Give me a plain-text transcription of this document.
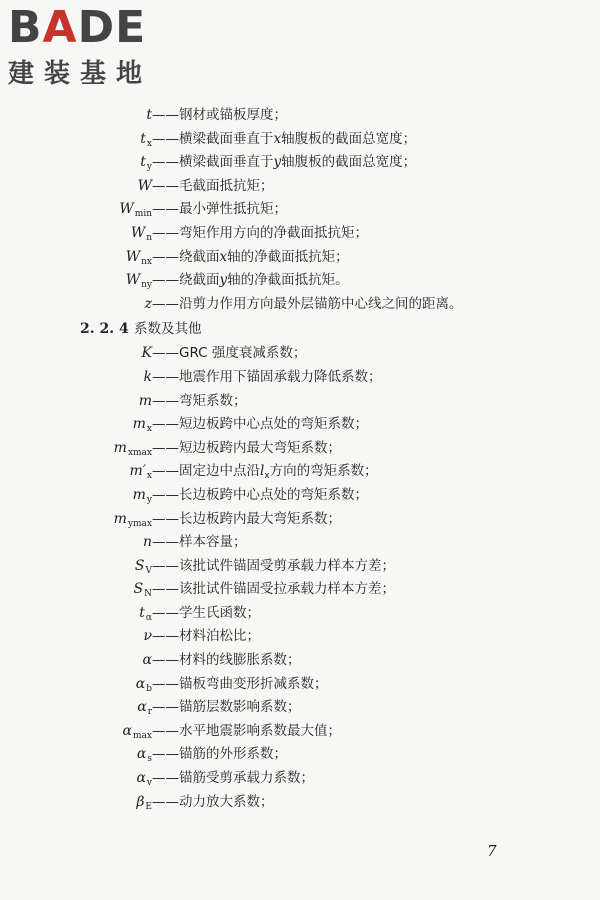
BADE
建装基地
t ——钢材或锚板厚度；
$t_x$ ——横梁截面垂直于x轴腹板的截面总宽度；
$t_y$ ——横梁截面垂直于y轴腹板的截面总宽度；
W ——毛截面抵抗矩；
$W_{min}$ ——最小弹性抵抗矩；
$W_n$ ——弯矩作用方向的净截面抵抗矩；
$W_{nx}$ ——绕截面x轴的净截面抵抗矩；
$W_{ny}$ ——绕截面y轴的净截面抵抗矩。
z ——沿剪力作用方向最外层锚筋中心线之间的距离。
2. 2. 4 系数及其他
K ——GRC 强度衰减系数；
k ——地震作用下锚固承载力降低系数；
m ——弯矩系数；
$m_x$ ——短边板跨中心点处的弯矩系数；
$m_{xmax}$ ——短边板跨内最大弯矩系数；
$m'_x$ ——固定边中点沿$l_x$方向的弯矩系数；
$m_y$ ——长边板跨中心点处的弯矩系数；
$m_{ymax}$ ——长边板跨内最大弯矩系数；
n ——样本容量；
$S_V$ ——该批试件锚固受剪承载力样本方差；
$S_N$ ——该批试件锚固受拉承载力样本方差；
$t_\alpha$ ——学生氏函数；
ν ——材料泊松比；
α ——材料的线膨胀系数；
$\alpha_b$ ——锚板弯曲变形折减系数；
$\alpha_r$ ——锚筋层数影响系数；
$\alpha_{max}$ ——水平地震影响系数最大值；
$\alpha_s$ ——锚筋的外形系数；
$\alpha_v$ ——锚筋受剪承载力系数；
$\beta_E$ ——动力放大系数；
7
